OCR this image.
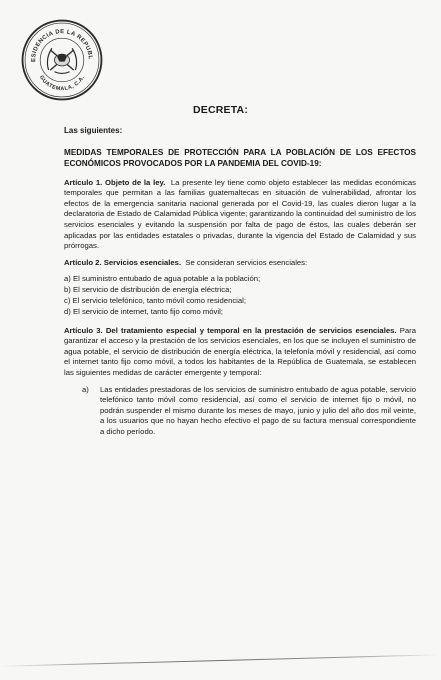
ESIDENCIA DE LA REPUBL
GUATEMALA, C.A.
DECRETA:

Las siguientes:

MEDIDAS TEMPORALES DE PROTECCIÓN PARA LA POBLACIÓN DE LOS EFECTOS ECONÓMICOS PROVOCADOS POR LA PANDEMIA DEL COVID-19:

Artículo 1. Objeto de la ley. La presente ley tiene como objeto establecer las medidas económicas temporales que permitan a las familias guatemaltecas en situación de vulnerabilidad, afrontar los efectos de la emergencia sanitaria nacional generada por el Covid-19, las cuales dieron lugar a la declaratoria de Estado de Calamidad Pública vigente; garantizando la continuidad del suministro de los servicios esenciales y evitando la suspensión por falta de pago de éstos, las cuales deberán ser aplicadas por las entidades estatales o privadas, durante la vigencia del Estado de Calamidad y sus prórrogas.

Artículo 2. Servicios esenciales. Se consideran servicios esenciales:

a) El suministro entubado de agua potable a la población;
b) El servicio de distribución de energía eléctrica;
c) El servicio telefónico, tanto móvil como residencial;
d) El servicio de internet, tanto fijo como móvil;

Artículo 3. Del tratamiento especial y temporal en la prestación de servicios esenciales. Para garantizar el acceso y la prestación de los servicios esenciales, en los que se incluyen el suministro de agua potable, el servicio de distribución de energía eléctrica, la telefonía móvil y residencial, así como el internet tanto fijo como móvil, a todos los habitantes de la República de Guatemala, se establecen las siguientes medidas de carácter emergente y temporal:

a)	Las entidades prestadoras de los servicios de suministro entubado de agua potable, servicio telefónico tanto móvil como residencial, así como el servicio de internet fijo o móvil, no podrán suspender el mismo durante los meses de mayo, junio y julio del año dos mil veinte, a los usuarios que no hayan hecho efectivo el pago de su factura mensual correspondiente a dicho período.
